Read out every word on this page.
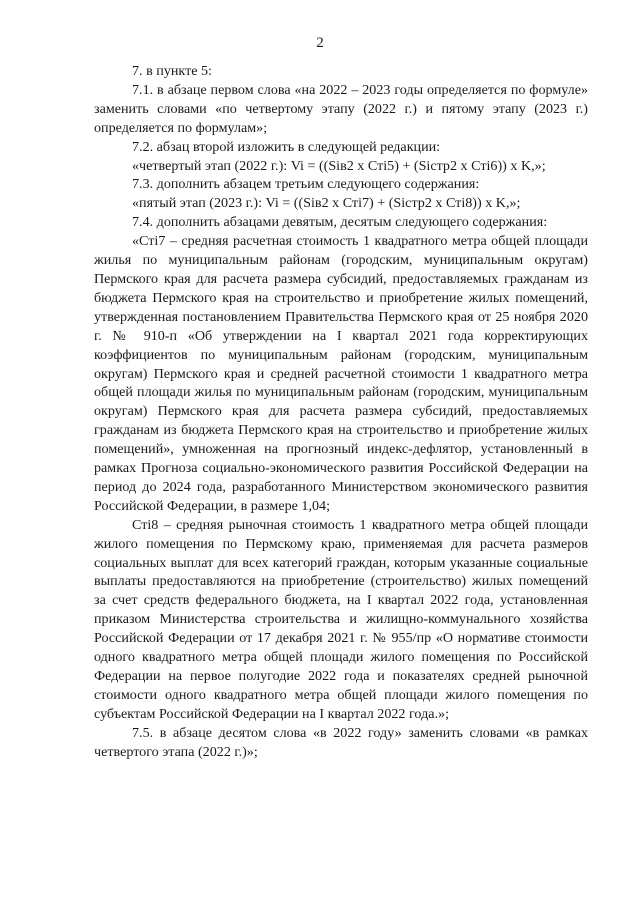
2

7. в пункте 5:

7.1. в абзаце первом слова «на 2022 – 2023 годы определяется по формуле» заменить словами «по четвертому этапу (2022 г.) и пятому этапу (2023 г.) определяется по формулам»;

7.2. абзац второй изложить в следующей редакции:

«четвертый этап (2022 г.): Vi = ((Siв2 х Стi5) + (Siстр2 х Стi6)) х K,»;

7.3. дополнить абзацем третьим следующего содержания:

«пятый этап (2023 г.): Vi = ((Siв2 х Стi7) + (Siстр2 х Стi8)) х K,»;

7.4. дополнить абзацами девятым, десятым следующего содержания:

«Стi7 – средняя расчетная стоимость 1 квадратного метра общей площади жилья по муниципальным районам (городским, муниципальным округам) Пермского края для расчета размера субсидий, предоставляемых гражданам из бюджета Пермского края на строительство и приобретение жилых помещений, утвержденная постановлением Правительства Пермского края от 25 ноября 2020 г. № 910-п «Об утверждении на I квартал 2021 года корректирующих коэффициентов по муниципальным районам (городским, муниципальным округам) Пермского края и средней расчетной стоимости 1 квадратного метра общей площади жилья по муниципальным районам (городским, муниципальным округам) Пермского края для расчета размера субсидий, предоставляемых гражданам из бюджета Пермского края на строительство и приобретение жилых помещений», умноженная на прогнозный индекс-дефлятор, установленный в рамках Прогноза социально-экономического развития Российской Федерации на период до 2024 года, разработанного Министерством экономического развития Российской Федерации, в размере 1,04;

Стi8 – средняя рыночная стоимость 1 квадратного метра общей площади жилого помещения по Пермскому краю, применяемая для расчета размеров социальных выплат для всех категорий граждан, которым указанные социальные выплаты предоставляются на приобретение (строительство) жилых помещений за счет средств федерального бюджета, на I квартал 2022 года, установленная приказом Министерства строительства и жилищно-коммунального хозяйства Российской Федерации от 17 декабря 2021 г. № 955/пр «О нормативе стоимости одного квадратного метра общей площади жилого помещения по Российской Федерации на первое полугодие 2022 года и показателях средней рыночной стоимости одного квадратного метра общей площади жилого помещения по субъектам Российской Федерации на I квартал 2022 года.»;

7.5. в абзаце десятом слова «в 2022 году» заменить словами «в рамках четвертого этапа (2022 г.)»;
